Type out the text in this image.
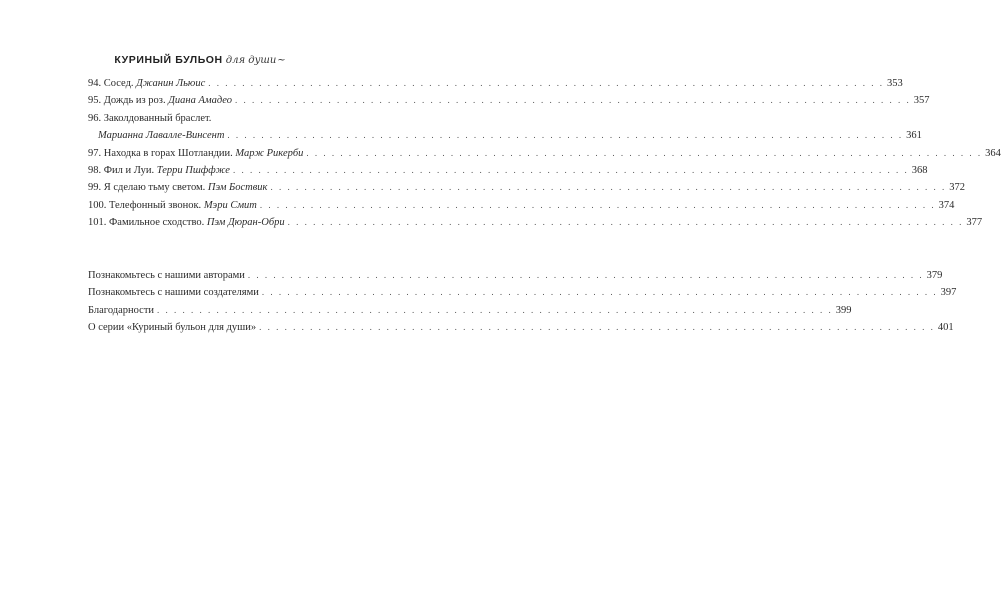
КУРИНЫЙ БУЛЬОН для души~
94. Сосед. Джанин Льюис . . .	353
95. Дождь из роз. Диана Амадео . . .	357
96. Заколдованный браслет.
Марианна Лавалле-Винсент . . .	361
97. Находка в горах Шотландии. Марж Рикерби . . .	364
98. Фил и Луи. Терри Пшффже . . .	368
99. Я сделаю тьму светом. Пэм Боствик . . .	372
100. Телефонный звонок. Мэри Смит . . .	374
101. Фамильное сходство. Пэм Дюран-Обри . . .	377
Познакомьтесь с нашими авторами . . .	379
Познакомьтесь с нашими создателями . . .	397
Благодарности . . .	399
О серии «Куриный бульон для души» . . .	401
